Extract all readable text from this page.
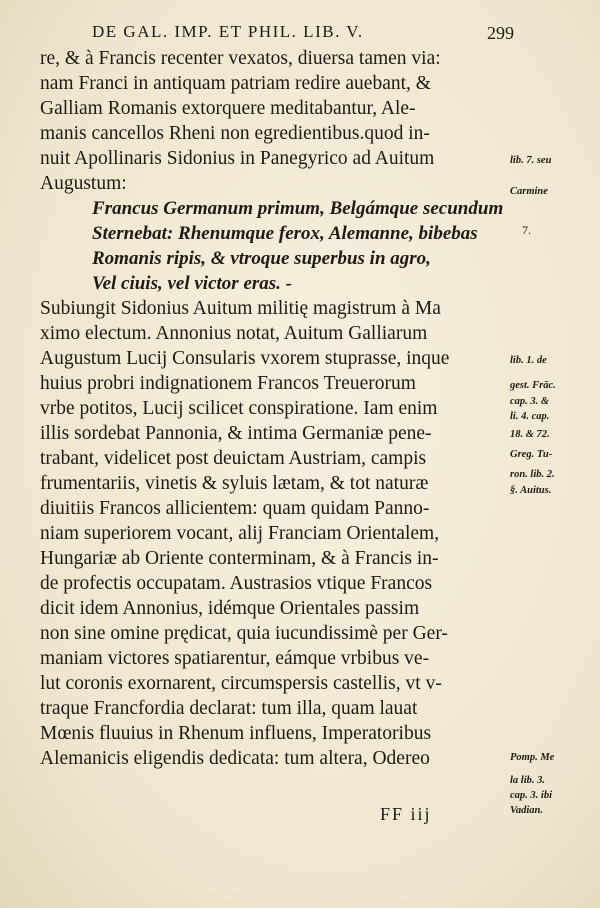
DE GAL. IMP. ET PHIL. LIB. V.	299
re, & à Francis recenter vexatos, diuersa tamen via:
nam Franci in antiquam patriam redire auebant, &
Galliam Romanis extorquere meditabantur, Ale-
manis cancellos Rheni non egredientibus.quod in-
nuit Apollinaris Sidonius in Panegyrico ad Auitum
Augustum:
Francus Germanum primum, Belgámque secundum
Sternebat: Rhenumque ferox, Alemanne, bibebas
Romanis ripis, & vtroque superbus in agro,
Vel ciuis, vel victor eras. -
Subiungit Sidonius Auitum militię magistrum à Ma
ximo electum. Annonius notat, Auitum Galliarum
Augustum Lucij Consularis vxorem stuprasse, inque
huius probri indignationem Francos Treuerorum
vrbe potitos, Lucij scilicet conspiratione. Iam enim
illis sordebat Pannonia, & intima Germaniæ pene-
trabant, videlicet post deuictam Austriam, campis
frumentariis, vinetis & syluis lætam, & tot naturæ
diuitiis Francos allicientem: quam quidam Panno-
niam superiorem vocant, alij Franciam Orientalem,
Hungariæ ab Oriente conterminam, & à Francis in-
de profectis occupatam. Austrasios vtique Francos
dicit idem Annonius, idémque Orientales passim
non sine omine prędicat, quia iucundissimè per Ger-
maniam victores spatiarentur, eámque vrbibus ve-
lut coronis exornarent, circumspersis castellis, vt v-
traque Francfordia declarat: tum illa, quam lauat
Mœnis fluuius in Rhenum influens, Imperatoribus
Alemanicis eligendis dedicata: tum altera, Odereo
lib. 7. seu
Carmine
7.
lib. 1. de
gest. Frāc.
cap. 3. &
li. 4. cap.
18. & 72.
Greg. Tu-
ron. lib. 2.
§. Auitus.
Pomp. Me
la lib. 3.
cap. 3. ibi
Vadian.
FF iij
